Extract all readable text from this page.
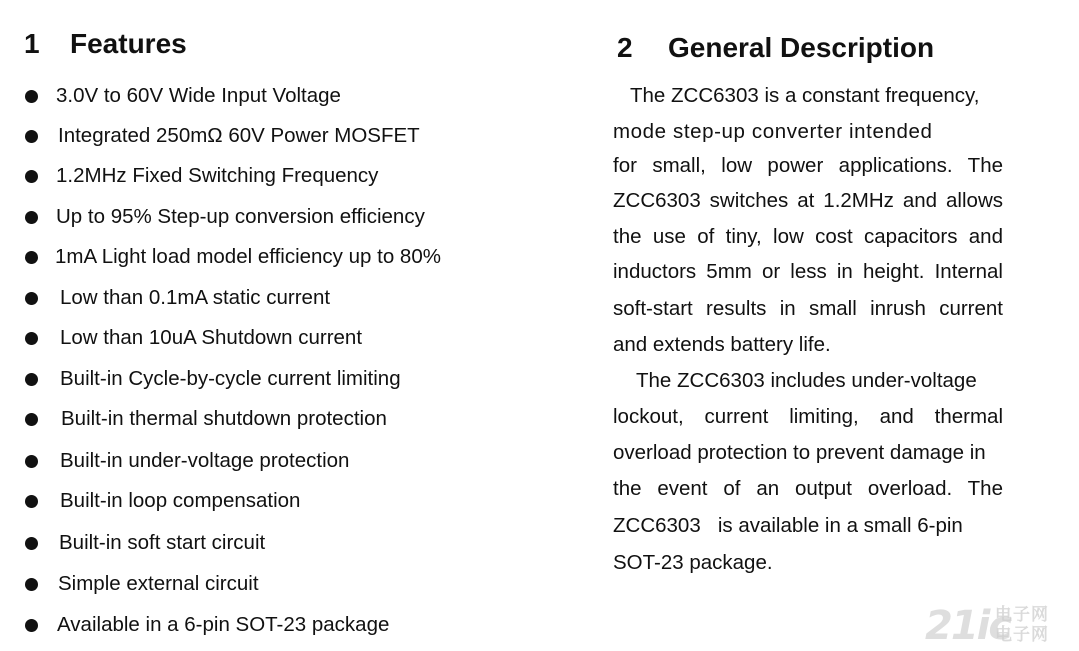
1 Features
3.0V to 60V Wide Input Voltage
Integrated 250mΩ 60V Power MOSFET
1.2MHz Fixed Switching Frequency
Up to 95% Step-up conversion efficiency
1mA Light load model efficiency up to 80%
Low than 0.1mA static current
Low than 10uA Shutdown current
Built-in Cycle-by-cycle current limiting
Built-in thermal shutdown protection
Built-in under-voltage protection
Built-in loop compensation
Built-in soft start circuit
Simple external circuit
Available in a 6-pin SOT-23 package
2 General Description
The ZCC6303 is a constant frequency,
mode step-up converter intended
for small, low power applications. The
ZCC6303 switches at 1.2MHz and allows
the use of tiny, low cost capacitors and
inductors 5mm or less in height. Internal
soft-start results in small inrush current
and extends battery life.
The ZCC6303 includes under-voltage
lockout, current limiting, and thermal
overload protection to prevent damage in
the event of an output overload. The
ZCC6303   is available in a small 6-pin
SOT-23 package.
21ic
电子网
电子网
